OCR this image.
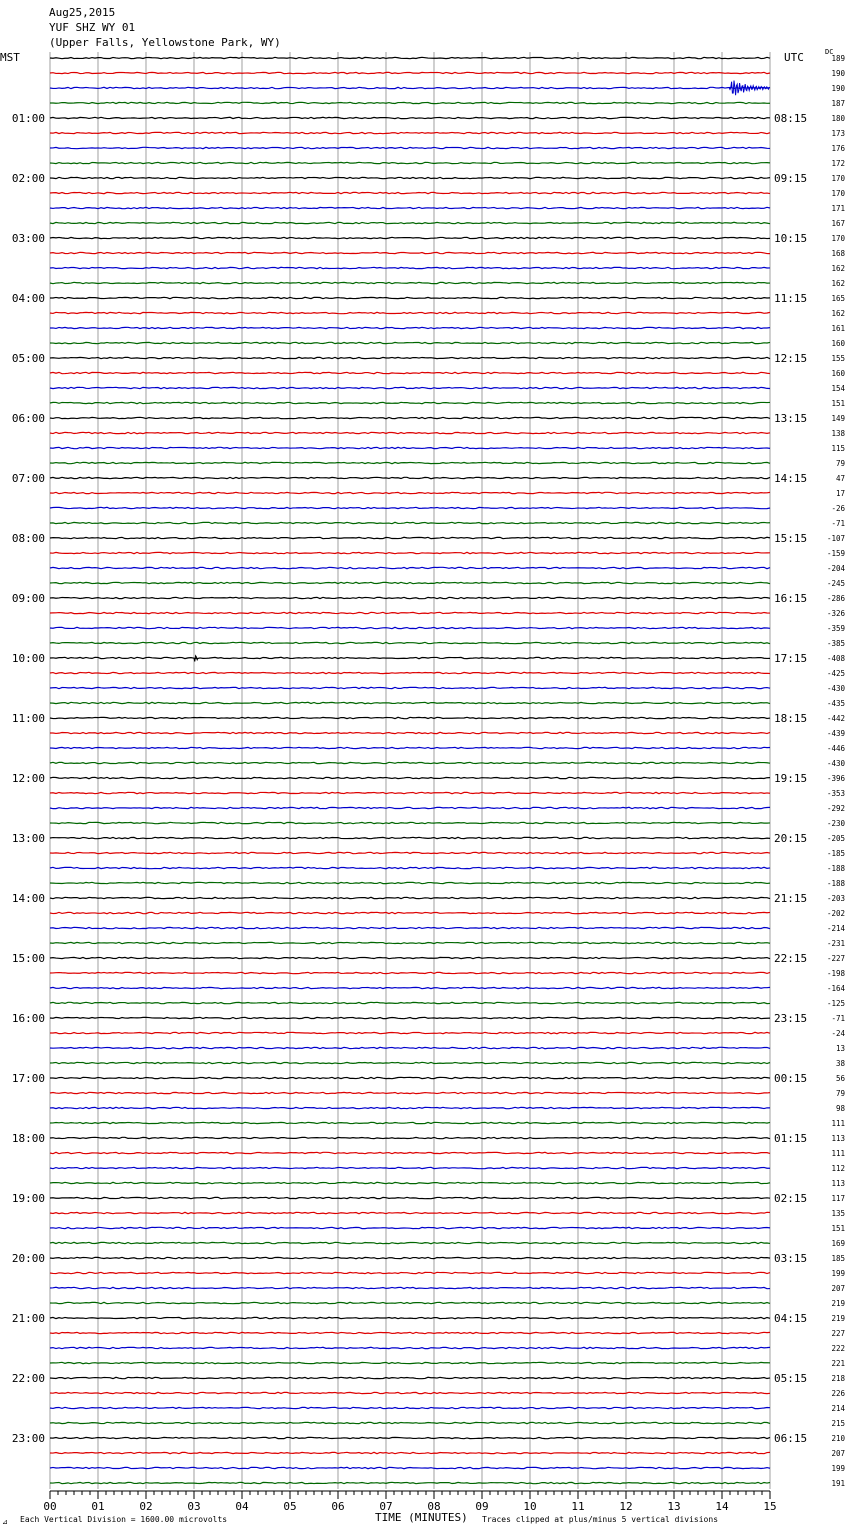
Aug25,2015
YUF SHZ WY 01
(Upper Falls, Yellowstone Park, WY)
MST	UTC	DC
01:00
02:00
03:00
04:00
05:00
06:00
07:00
08:00
09:00
10:00
11:00
12:00
13:00
14:00
15:00
16:00
17:00
18:00
19:00
20:00
21:00
22:00
23:00
08:15
09:15
10:15
11:15
12:15
13:15
14:15
15:15
16:15
17:15
18:15
19:15
20:15
21:15
22:15
23:15
00:15
01:15
02:15
03:15
04:15
05:15
06:15
189
190
190
187
180
173
176
172
170
170
171
167
170
168
162
162
165
162
161
160
155
160
154
151
149
138
115
79
47
17
-26
-71
-107
-159
-204
-245
-286
-326
-359
-385
-408
-425
-430
-435
-442
-439
-446
-430
-396
-353
-292
-230
-205
-185
-188
-188
-203
-202
-214
-231
-227
-198
-164
-125
-71
-24
13
38
56
79
98
111
113
111
112
113
117
135
151
169
185
199
207
219
219
227
222
221
218
226
214
215
210
207
199
191
00	01	02	03	04	05	06	07	08	09	10	11	12	13	14	15
TIME (MINUTES)
Each Vertical Division = 1600.00 microvolts	Traces clipped at plus/minus 5 vertical divisions
⊿
